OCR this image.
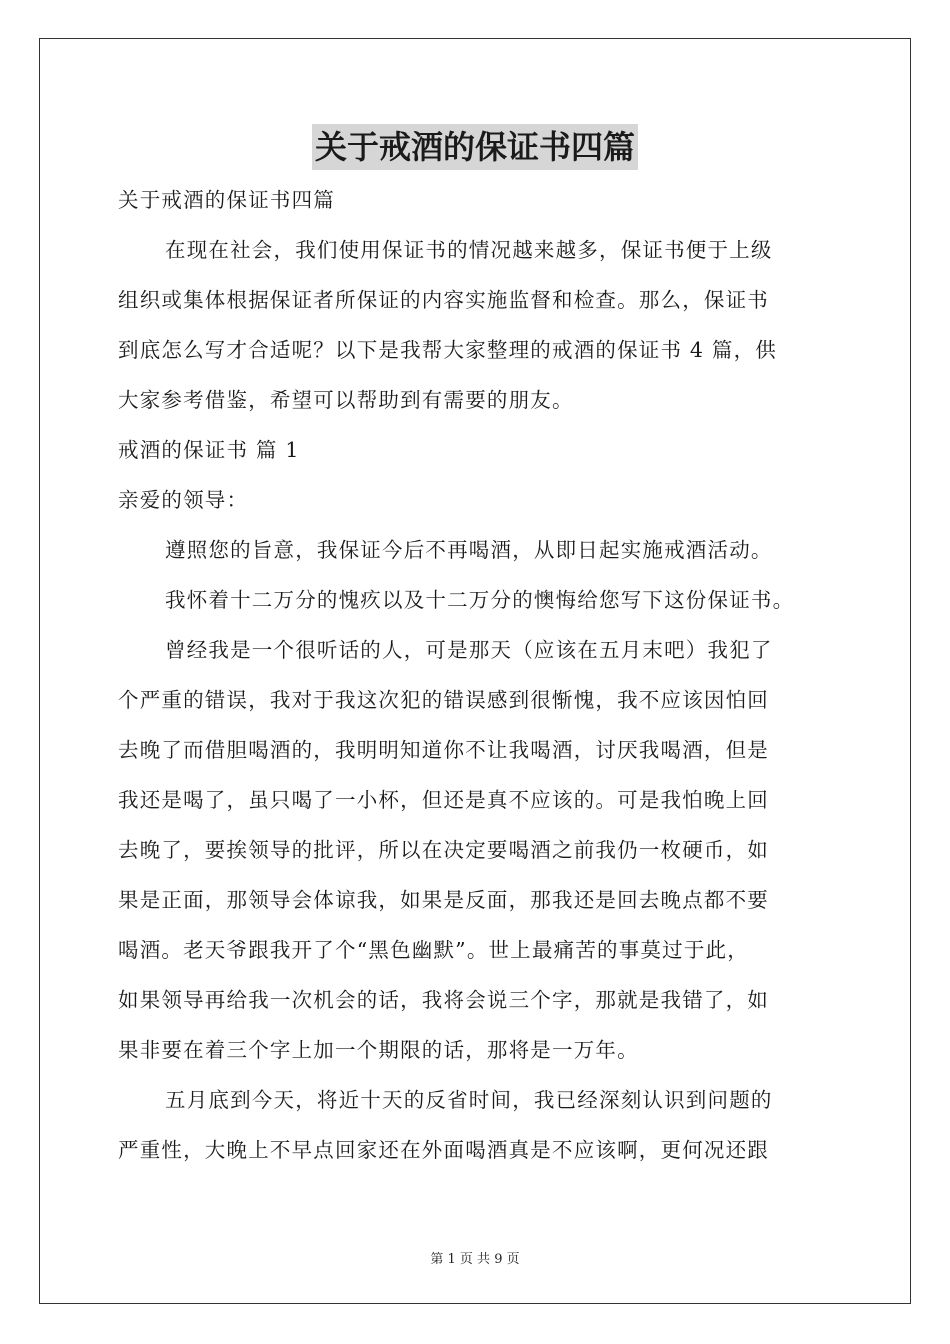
关于戒酒的保证书四篇
关于戒酒的保证书四篇
在现在社会，我们使用保证书的情况越来越多，保证书便于上级
组织或集体根据保证者所保证的内容实施监督和检查。那么，保证书
到底怎么写才合适呢？以下是我帮大家整理的戒酒的保证书 4 篇，供
大家参考借鉴，希望可以帮助到有需要的朋友。
戒酒的保证书 篇 1
亲爱的领导：
遵照您的旨意，我保证今后不再喝酒，从即日起实施戒酒活动。
我怀着十二万分的愧疚以及十二万分的懊悔给您写下这份保证书。
曾经我是一个很听话的人，可是那天（应该在五月末吧）我犯了
个严重的错误，我对于我这次犯的错误感到很惭愧，我不应该因怕回
去晚了而借胆喝酒的，我明明知道你不让我喝酒，讨厌我喝酒，但是
我还是喝了，虽只喝了一小杯，但还是真不应该的。可是我怕晚上回
去晚了，要挨领导的批评，所以在决定要喝酒之前我仍一枚硬币，如
果是正面，那领导会体谅我，如果是反面，那我还是回去晚点都不要
喝酒。老天爷跟我开了个“黑色幽默”。世上最痛苦的事莫过于此，
如果领导再给我一次机会的话，我将会说三个字，那就是我错了，如
果非要在着三个字上加一个期限的话，那将是一万年。
五月底到今天，将近十天的反省时间，我已经深刻认识到问题的
严重性，大晚上不早点回家还在外面喝酒真是不应该啊，更何况还跟
第 1 页 共 9 页
